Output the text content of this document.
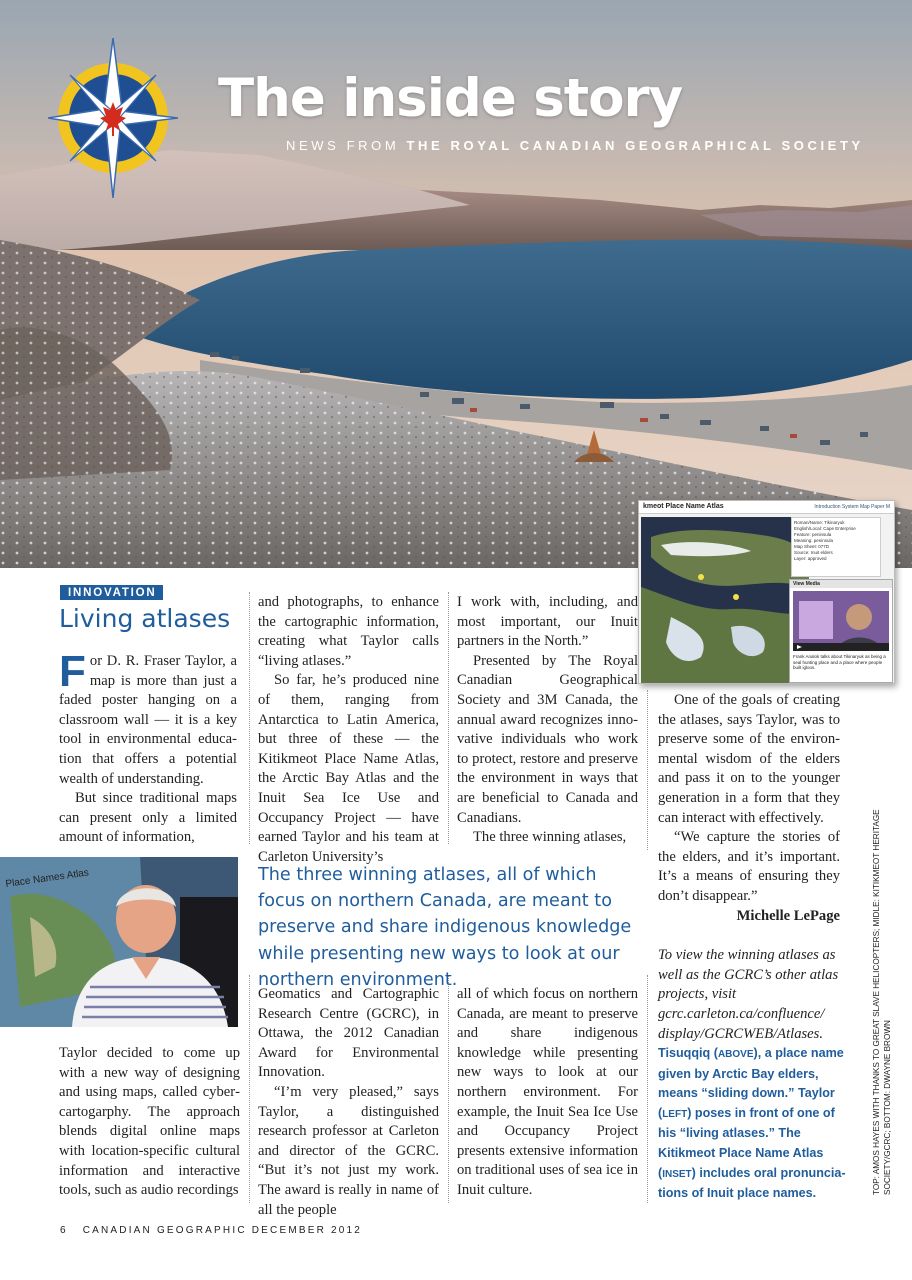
The inside story
NEWS FROM THE ROYAL CANADIAN GEOGRAPHICAL SOCIETY
kmeot Place Name Atlas	Introduction System Map Paper M
Roman/Name: Tikinaryuk
English/Local: Cape Enterprise
Feature: peninsula
Meaning: peninsula
Map Sheet: 077D
Source: Inuit elders
Layer: approved
View Media
Frank Analok talks about Tikinaryuk as being a seal hunting place and a place where people built igloos.
INNOVATION
Living atlases

For D. R. Fraser Taylor, a map is more than just a faded poster hanging on a classroom wall — it is a key tool in environmental education that offers a potential wealth of understanding.

But since traditional maps can present only a limited amount of information,

Place Names Atlas

Taylor decided to come up with a new way of designing and using maps, called cybercartogarphy. The approach blends digital online maps with location-specific cultural information and interactive tools, such as audio recordings

and photographs, to enhance the cartographic information, creating what Taylor calls “living atlases.”

So far, he’s produced nine of them, ranging from Antarctica to Latin America, but three of these — the Kitikmeot Place Name Atlas, the Arctic Bay Atlas and the Inuit Sea Ice Use and Occupancy Project — have earned Taylor and his team at Carleton University’s

Geomatics and Cartographic Research Centre (GCRC), in Ottawa, the 2012 Canadian Award for Environmental Innovation.

“I’m very pleased,” says Taylor, a distinguished research professor at Carleton and director of the GCRC. “But it’s not just my work. The award is really in name of all the people

I work with, including, and most important, our Inuit partners in the North.”

Presented by The Royal Canadian Geographical Society and 3M Canada, the annual award recognizes innovative individuals who work to protect, restore and preserve the environment in ways that are beneficial to Canada and Canadians.

The three winning atlases,

all of which focus on northern Canada, are meant to preserve and share indigenous knowledge while presenting new ways to look at our northern environment. For example, the Inuit Sea Ice Use and Occupancy Project presents extensive information on traditional uses of sea ice in Inuit culture.

The three winning atlases, all of which focus on northern Canada, are meant to preserve and share indigenous knowledge while presenting new ways to look at our northern environment.

One of the goals of creating the atlases, says Taylor, was to preserve some of the environmental wisdom of the elders and pass it on to the younger generation in a form that they can interact with effectively.

“We capture the stories of the elders, and it’s important. It’s a means of ensuring they don’t disappear.”

Michelle LePage

To view the winning atlases as well as the GCRC’s other atlas projects, visit gcrc.carleton.ca/confluence/ display/GCRCWEB/Atlases.

Tisuqqiq (ABOVE), a place name given by Arctic Bay elders, means “sliding down.” Taylor (LEFT) poses in front of one of his “living atlases.” The Kitikmeot Place Name Atlas (INSET) includes oral pronunciations of Inuit place names.	TOP: AMOS HAYES WITH THANKS TO GREAT SLAVE HELICOPTERS; MIDLE: KITIKMEOT HERITAGE SOCIETY/GCRC; BOTTOM: DWAYNE BROWN
6 CANADIAN GEOGRAPHIC DECEMBER 2012
